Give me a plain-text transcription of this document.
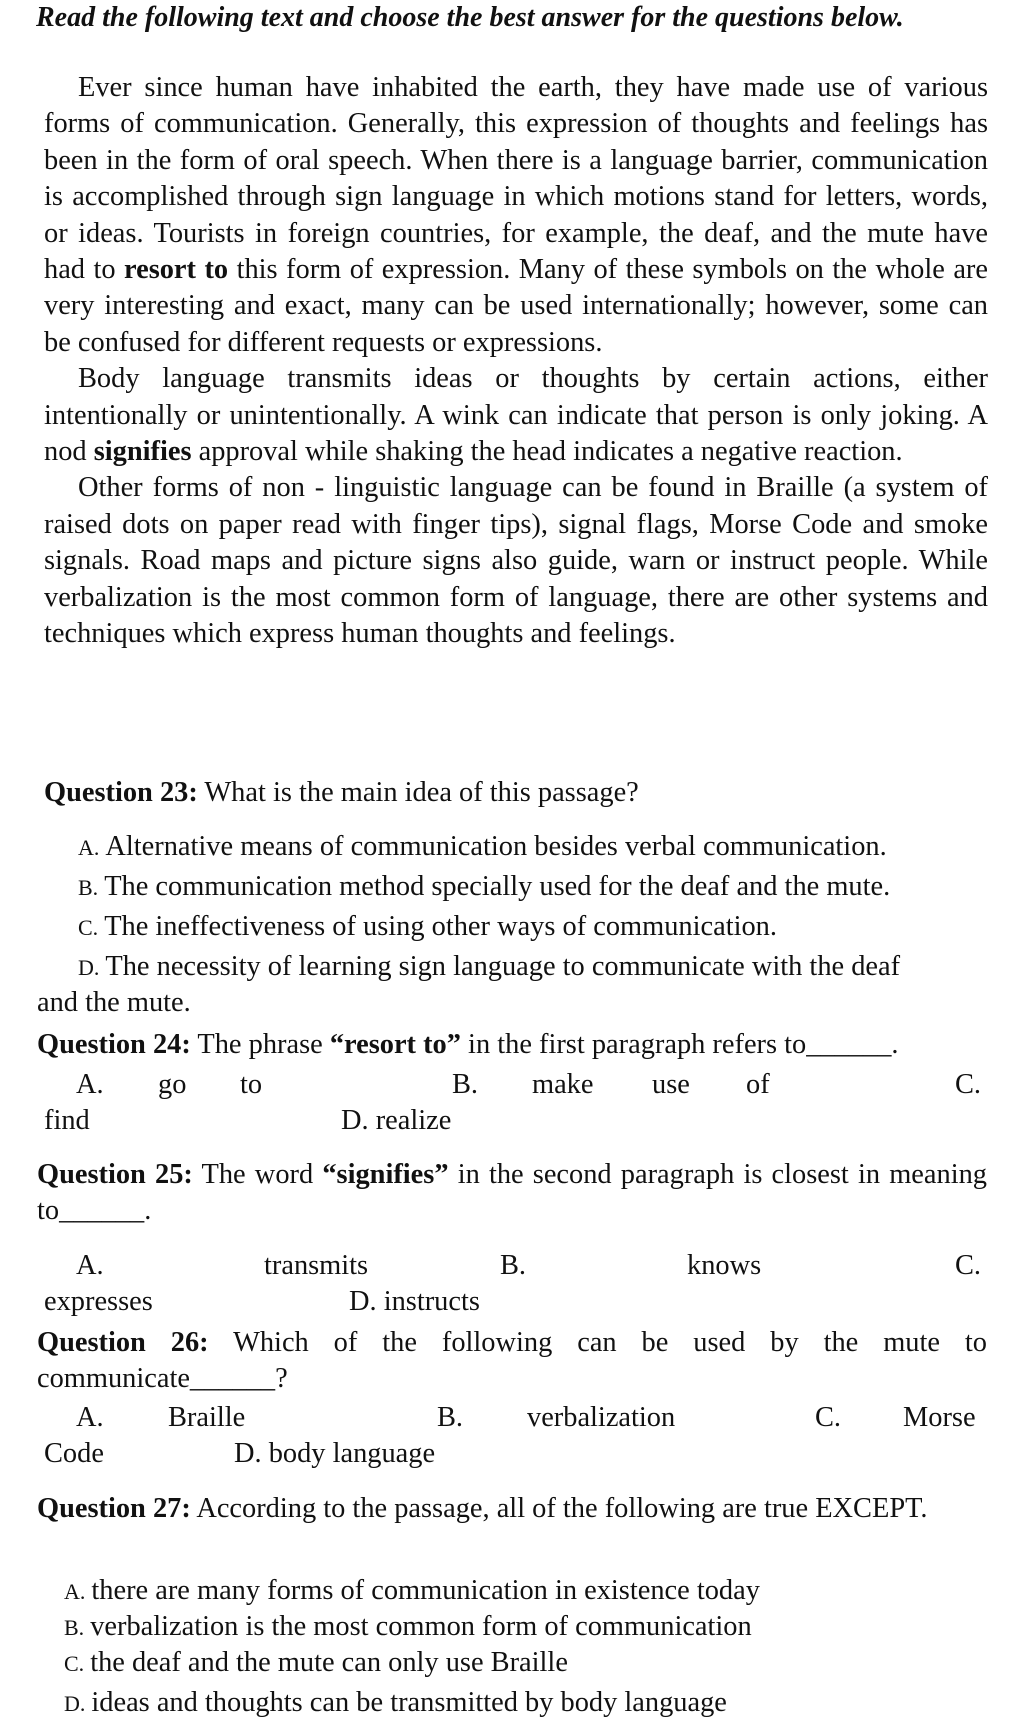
Read the following text and choose the best answer for the questions below.

Ever since human have inhabited the earth, they have made use of various forms of communication. Generally, this expression of thoughts and feelings has been in the form of oral speech. When there is a language barrier, communication is accomplished through sign language in which motions stand for letters, words, or ideas. Tourists in foreign countries, for example, the deaf, and the mute have had to resort to this form of expression. Many of these symbols on the whole are very interesting and exact, many can be used internationally; however, some can be confused for different requests or expressions.

Body language transmits ideas or thoughts by certain actions, either intentionally or unintentionally. A wink can indicate that person is only joking. A nod signifies approval while shaking the head indicates a negative reaction.

Other forms of non - linguistic language can be found in Braille (a system of raised dots on paper read with finger tips), signal flags, Morse Code and smoke signals. Road maps and picture signs also guide, warn or instruct people. While verbalization is the most common form of language, there are other systems and techniques which express human thoughts and feelings.

Question 23: What is the main idea of this passage?
A. Alternative means of communication besides verbal communication.
B. The communication method specially used for the deaf and the mute.
C. The ineffectiveness of using other ways of communication.
D. The necessity of learning sign language to communicate with the deaf
and the mute.
Question 24: The phrase “resort to” in the first paragraph refers to______.
A. go to	B. make use of	C.
find	D. realize
Question 25: The word “signifies” in the second paragraph is closest in meaning to______.
A.	transmits	B.	knows	C.
expresses	D. instructs
Question 26: Which of the following can be used by the mute to communicate______?
A. Braille	B. verbalization	C. Morse
Code	D. body language
Question 27: According to the passage, all of the following are true EXCEPT.
A. there are many forms of communication in existence today
B. verbalization is the most common form of communication
C. the deaf and the mute can only use Braille
D. ideas and thoughts can be transmitted by body language
